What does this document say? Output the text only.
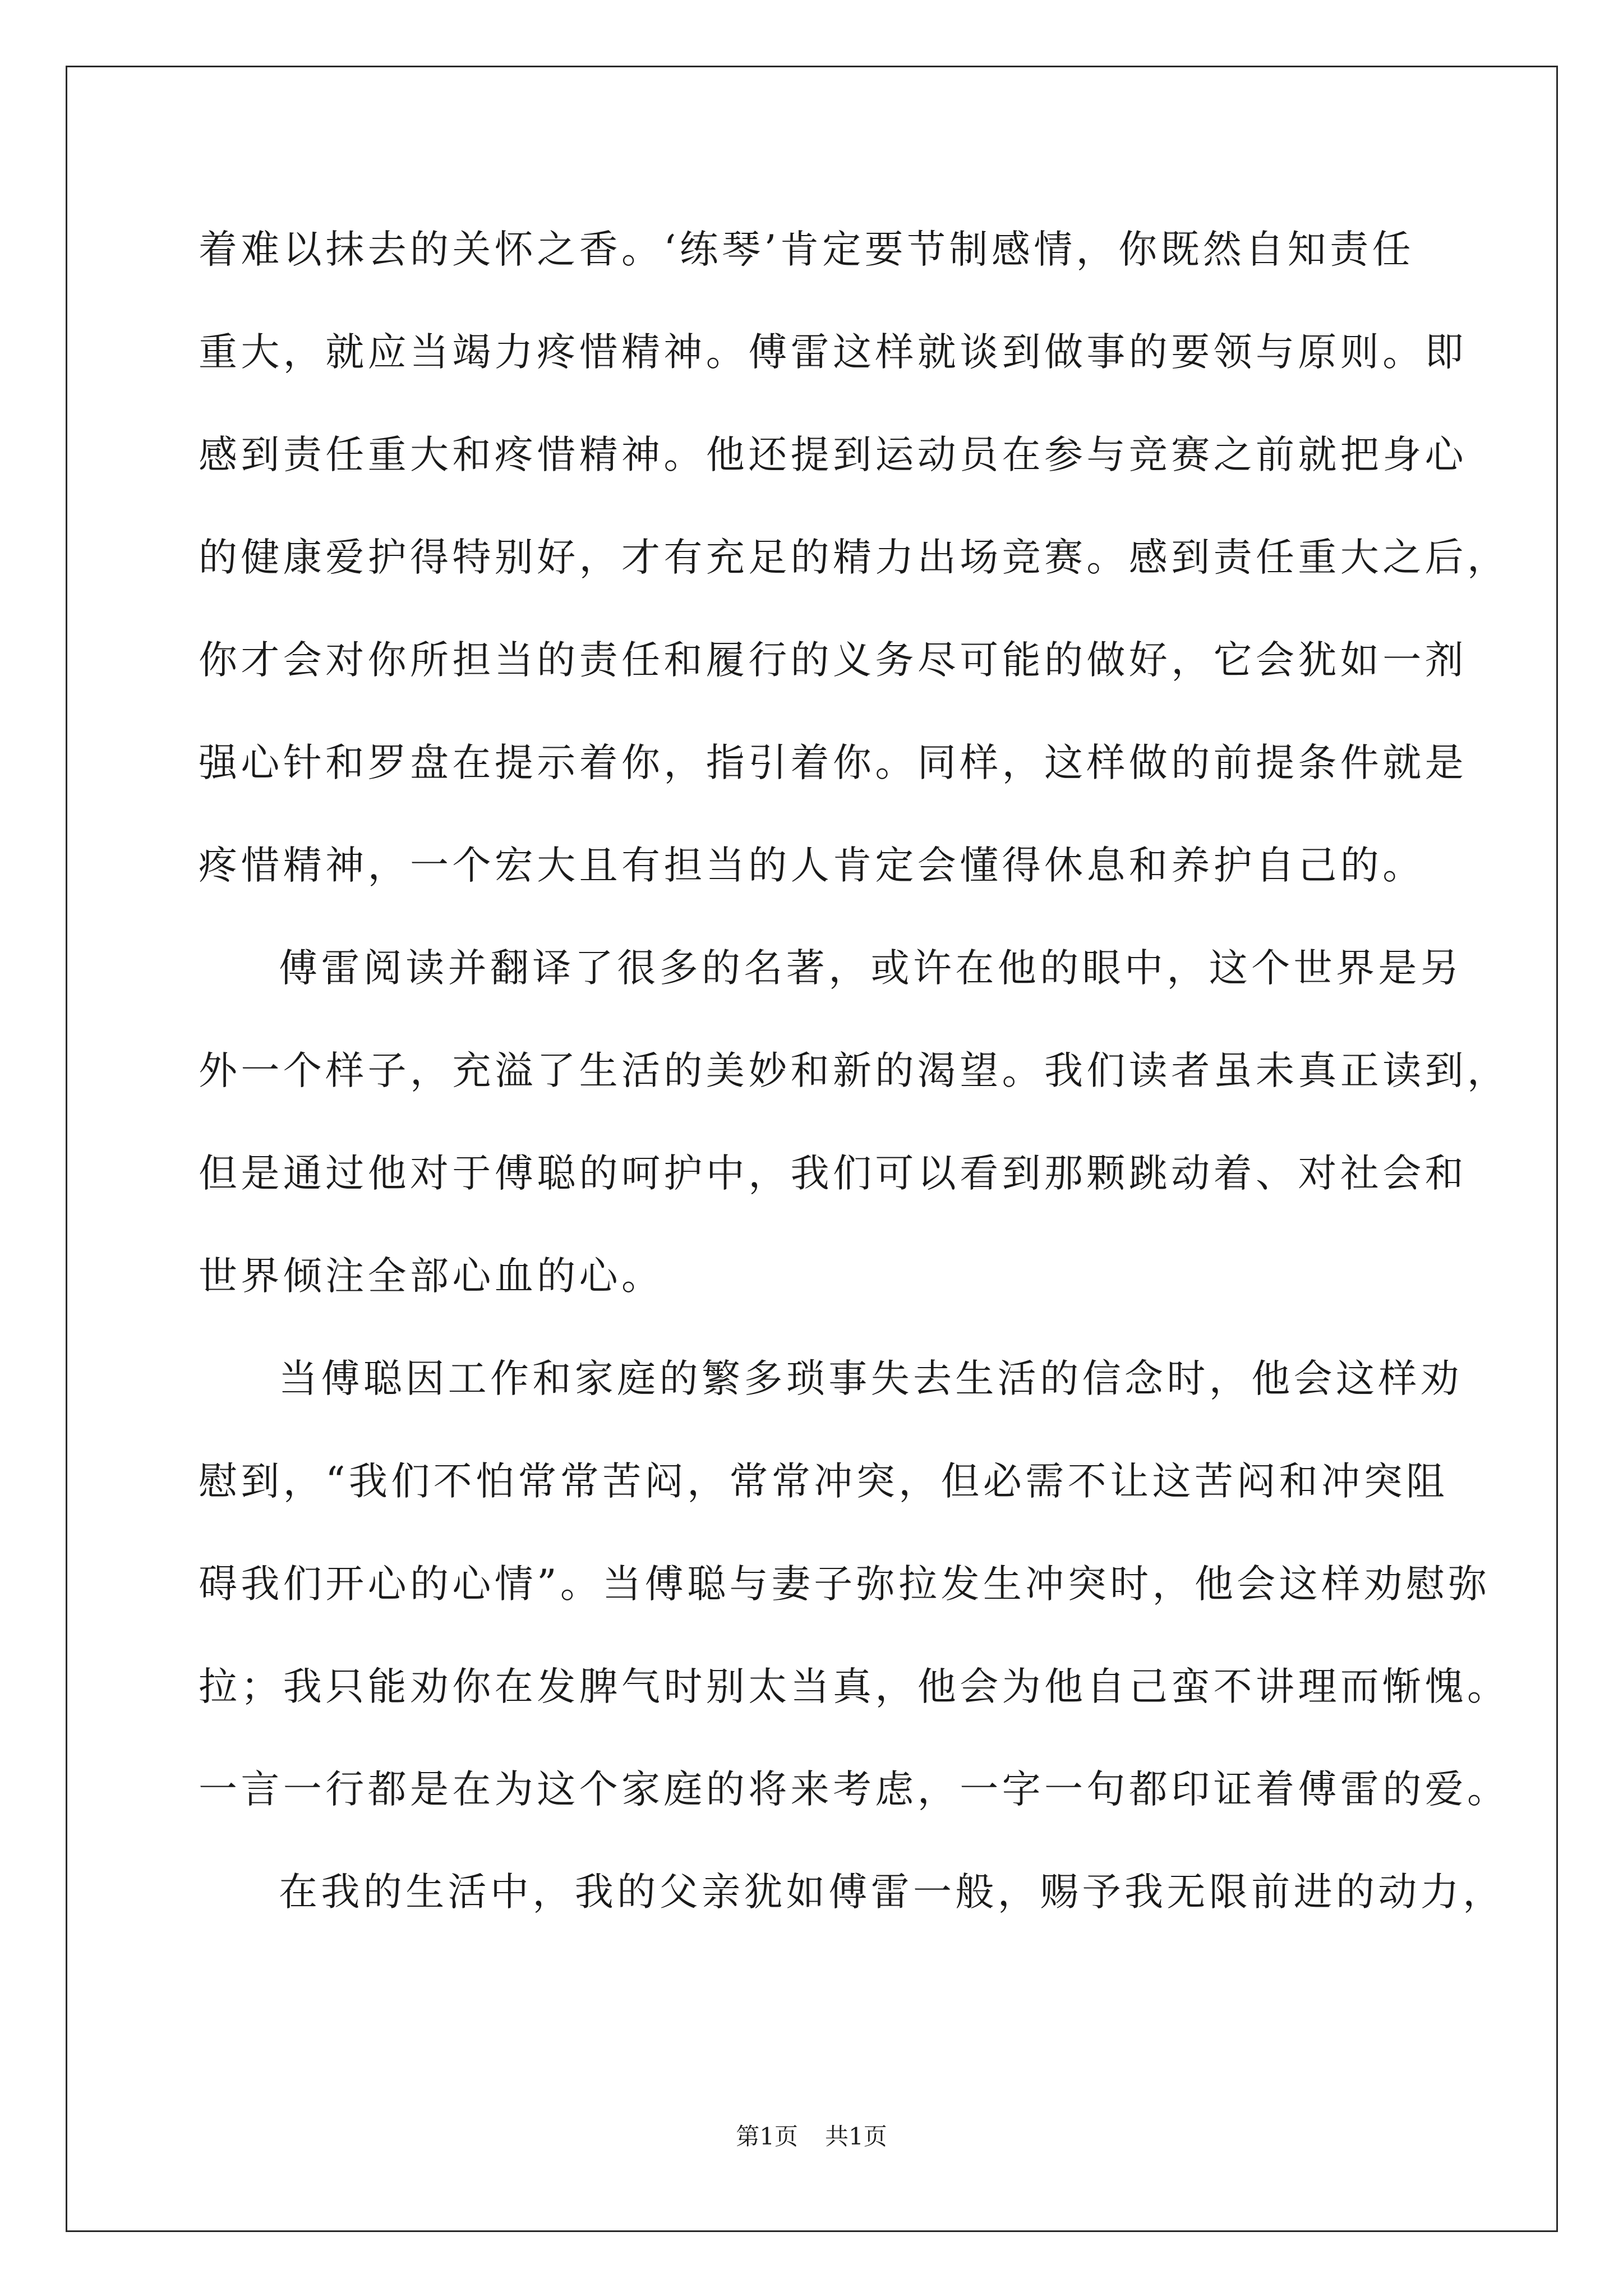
着难以抹去的关怀之香。‘练琴’肯定要节制感情，你既然自知责任
重大，就应当竭力疼惜精神。傅雷这样就谈到做事的要领与原则。即
感到责任重大和疼惜精神。他还提到运动员在参与竞赛之前就把身心
的健康爱护得特别好，才有充足的精力出场竞赛。感到责任重大之后，
你才会对你所担当的责任和履行的义务尽可能的做好，它会犹如一剂
强心针和罗盘在提示着你，指引着你。同样，这样做的前提条件就是
疼惜精神，一个宏大且有担当的人肯定会懂得休息和养护自己的。
傅雷阅读并翻译了很多的名著，或许在他的眼中，这个世界是另
外一个样子，充溢了生活的美妙和新的渴望。我们读者虽未真正读到，
但是通过他对于傅聪的呵护中，我们可以看到那颗跳动着、对社会和
世界倾注全部心血的心。
当傅聪因工作和家庭的繁多琐事失去生活的信念时，他会这样劝
慰到，“我们不怕常常苦闷，常常冲突，但必需不让这苦闷和冲突阻
碍我们开心的心情”。当傅聪与妻子弥拉发生冲突时，他会这样劝慰弥
拉；我只能劝你在发脾气时别太当真，他会为他自己蛮不讲理而惭愧。
一言一行都是在为这个家庭的将来考虑，一字一句都印证着傅雷的爱。
在我的生活中，我的父亲犹如傅雷一般，赐予我无限前进的动力，
第1页 共1页
